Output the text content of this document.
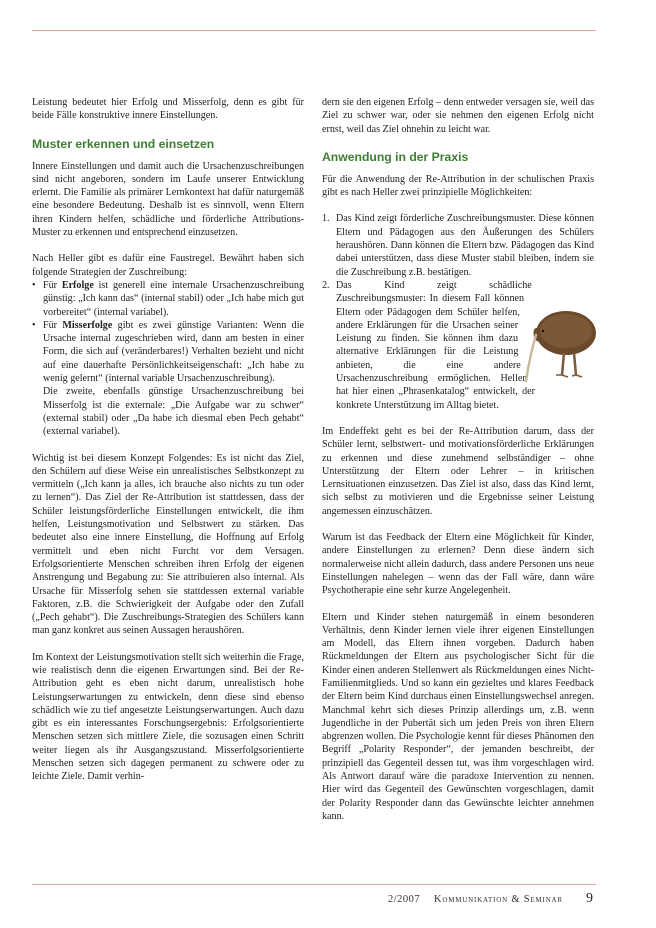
Leistung bedeutet hier Erfolg und Misserfolg, denn es gibt für beide Fälle konstruktive innere Einstellungen.

Muster erkennen und einsetzen

Innere Einstellungen und damit auch die Ursachenzuschreibungen sind nicht angeboren, sondern im Laufe unserer Entwicklung erlernt. Die Familie als primärer Lernkontext hat dafür naturgemäß eine besondere Bedeutung. Deshalb ist es sinnvoll, wenn Eltern ihren Kindern helfen, schädliche und förderliche Attributions-Muster zu erkennen und entsprechend einzusetzen.

Nach Heller gibt es dafür eine Faustregel. Bewährt haben sich folgende Strategien der Zuschreibung:

• Für Erfolge ist generell eine internale Ursachenzuschreibung günstig: „Ich kann das“ (internal stabil) oder „Ich habe mich gut vorbereitet“ (internal variabel).
• Für Misserfolge gibt es zwei günstige Varianten: Wenn die Ursache internal zugeschrieben wird, dann am besten in einer Form, die sich auf (veränderbares!) Verhalten bezieht und nicht auf eine dauerhafte Persönlichkeitseigenschaft: „Ich habe zu wenig gelernt“ (internal variable Ursachenzuschreibung).

Die zweite, ebenfalls günstige Ursachenzuschreibung bei Misserfolg ist die externale: „Die Aufgabe war zu schwer“ (external stabil) oder „Da habe ich diesmal eben Pech gehabt“ (external variabel).

Wichtig ist bei diesem Konzept Folgendes: Es ist nicht das Ziel, den Schülern auf diese Weise ein unrealistisches Selbstkonzept zu vermitteln („Ich kann ja alles, ich brauche also nichts zu tun oder zu lernen“). Das Ziel der Re-Attribution ist stattdessen, dass der Schüler leistungsförderliche Einstellungen entwickelt, die ihm helfen, Leistungsmotivation und Selbstwert zu stärken. Das bedeutet also eine innere Einstellung, die Hoffnung auf Erfolg vermittelt und eben nicht Furcht vor dem Versagen. Erfolgsorientierte Menschen schreiben ihren Erfolg der eigenen Anstrengung und Begabung zu: Sie attribuieren also internal. Als Ursache für Misserfolg sehen sie stattdessen external variable Faktoren, z.B. die Schwierigkeit der Aufgabe oder den Zufall („Pech gehabt“). Die Zuschreibungs-Strategien des Schülers kann man ganz konkret aus seinen Aussagen heraushören.

Im Kontext der Leistungsmotivation stellt sich weiterhin die Frage, wie realistisch denn die eigenen Erwartungen sind. Bei der Re-Attribution geht es eben nicht darum, unrealistisch hohe Leistungserwartungen zu entwickeln, denn diese sind ebenso schädlich wie zu tief angesetzte Leistungserwartungen. Auch dazu gibt es ein interessantes Forschungsergebnis: Erfolgsorientierte Menschen setzen sich mittlere Ziele, die sozusagen einen Schritt weiter liegen als ihr Ausgangszustand. Misserfolgsorientierte Menschen setzen sich dagegen permanent zu schwere oder zu leichte Ziele. Damit verhin-

dern sie den eigenen Erfolg – denn entweder versagen sie, weil das Ziel zu schwer war, oder sie nehmen den eigenen Erfolg nicht ernst, weil das Ziel ohnehin zu leicht war.

Anwendung in der Praxis

Für die Anwendung der Re-Attribution in der schulischen Praxis gibt es nach Heller zwei prinzipielle Möglichkeiten:

1. Das Kind zeigt förderliche Zuschreibungsmuster. Diese können Eltern und Pädagogen aus den Äußerungen des Schülers heraushören. Dann können die Eltern bzw. Pädagogen das Kind dabei unterstützen, dass diese Muster stabil bleiben, indem sie die Zuschreibung z.B. bestätigen.
2. Das Kind zeigt schädliche Zuschreibungsmuster: In diesem Fall können Eltern oder Pädagogen dem Schüler helfen, andere Erklärungen für die Ursachen seiner Leistung zu finden. Sie können ihm dazu alternative Erklärungen für die Leistung anbieten, die eine andere Ursachenzuschreibung ermöglichen. Heller hat hier einen „Phrasenkatalog“ entwickelt, der konkrete Unterstützung im Alltag bietet.

Im Endeffekt geht es bei der Re-Attribution darum, dass der Schüler lernt, selbstwert- und motivationsförderliche Erklärungen zu erkennen und diese zunehmend selbständiger – ohne Unterstützung der Eltern oder Lehrer – in kritischen Lernsituationen einzusetzen. Das Ziel ist also, dass das Kind lernt, sich selbst zu motivieren und die Ergebnisse seiner Leistung angemessen einzuschätzen.

Warum ist das Feedback der Eltern eine Möglichkeit für Kinder, andere Einstellungen zu erlernen? Denn diese ändern sich normalerweise nicht allein dadurch, dass andere Personen uns neue Einstellungen nahelegen – wenn das der Fall wäre, dann wäre Psychotherapie eine sehr kurze Angelegenheit.

Eltern und Kinder stehen naturgemäß in einem besonderen Verhältnis, denn Kinder lernen viele ihrer eigenen Einstellungen am Modell, das Eltern ihnen vorgeben. Dadurch haben Rückmeldungen der Eltern aus psychologischer Sicht für die Kinder einen anderen Stellenwert als Rückmeldungen eines Nicht-Familienmitglieds. Und so kann ein gezieltes und klares Feedback der Eltern beim Kind durchaus einen Einstellungswechsel anregen. Manchmal kehrt sich dieses Prinzip allerdings um, z.B. wenn Jugendliche in der Pubertät sich um jeden Preis von ihren Eltern abgrenzen wollen. Die Psychologie kennt für dieses Phänomen den Begriff „Polarity Responder“, der jemanden beschreibt, der prinzipiell das Gegenteil dessen tut, was ihm vorgeschlagen wird. Als Antwort darauf wäre die paradoxe Intervention zu nennen. Hier wird das Gegenteil des Gewünschten vorgeschlagen, damit der Polarity Responder dann das Gewünschte leichter annehmen kann.

2/2007 Kommunikation & Seminar 9
